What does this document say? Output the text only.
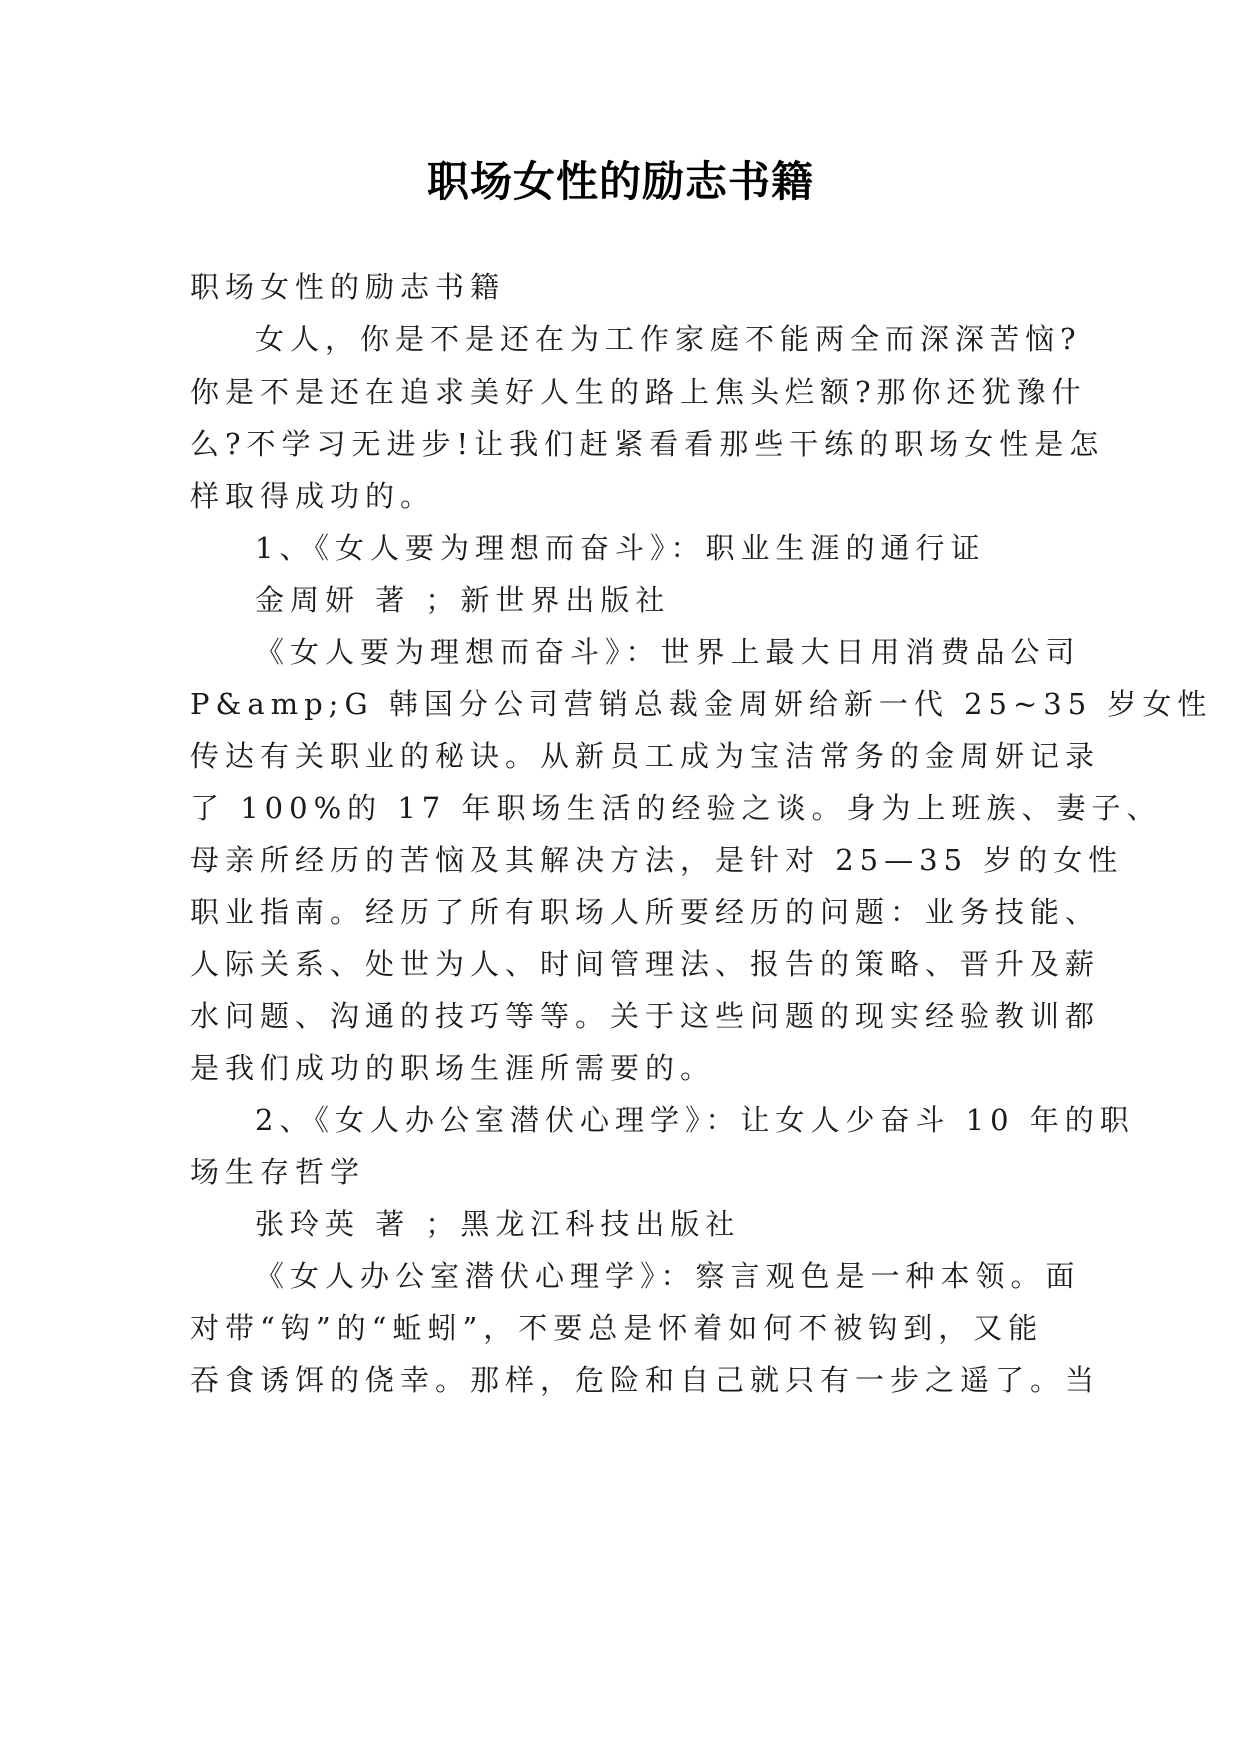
职场女性的励志书籍
职场女性的励志书籍
女人，你是不是还在为工作家庭不能两全而深深苦恼?
你是不是还在追求美好人生的路上焦头烂额?那你还犹豫什
么?不学习无进步!让我们赶紧看看那些干练的职场女性是怎
样取得成功的。
1、《女人要为理想而奋斗》：职业生涯的通行证
金周妍 著 ；新世界出版社
《女人要为理想而奋斗》：世界上最大日用消费品公司
P&amp;G 韩国分公司营销总裁金周妍给新一代 25~35 岁女性
传达有关职业的秘诀。从新员工成为宝洁常务的金周妍记录
了 100%的 17 年职场生活的经验之谈。身为上班族、妻子、
母亲所经历的苦恼及其解决方法，是针对 25—35 岁的女性
职业指南。经历了所有职场人所要经历的问题：业务技能、
人际关系、处世为人、时间管理法、报告的策略、晋升及薪
水问题、沟通的技巧等等。关于这些问题的现实经验教训都
是我们成功的职场生涯所需要的。
2、《女人办公室潜伏心理学》：让女人少奋斗 10 年的职
场生存哲学
张玲英 著 ；黑龙江科技出版社
《女人办公室潜伏心理学》：察言观色是一种本领。面
对带“钩”的“蚯蚓”，不要总是怀着如何不被钩到，又能
吞食诱饵的侥幸。那样，危险和自己就只有一步之遥了。当
